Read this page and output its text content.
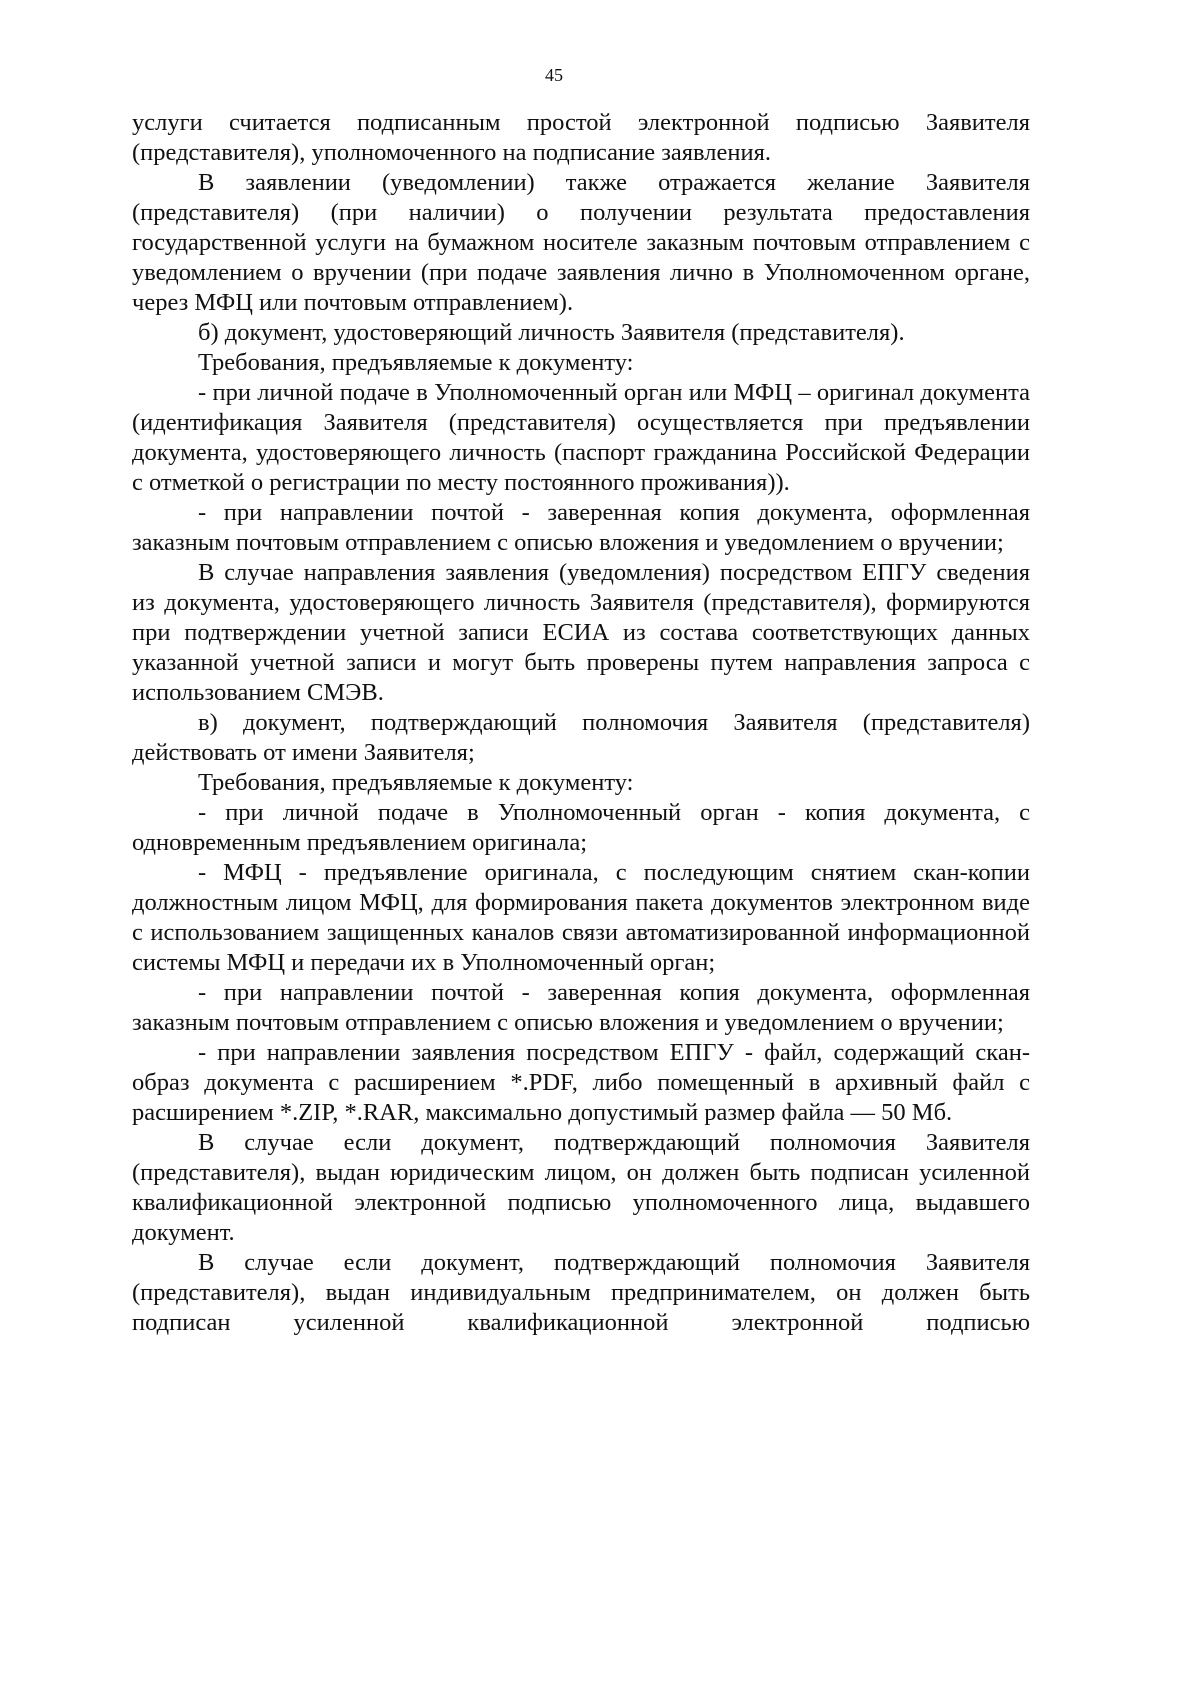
45

услуги считается подписанным простой электронной подписью Заявителя (представителя), уполномоченного на подписание заявления.

В заявлении (уведомлении) также отражается желание Заявителя (представителя) (при наличии) о получении результата предоставления государственной услуги на бумажном носителе заказным почтовым отправлением с уведомлением о вручении (при подаче заявления лично в Уполномоченном органе, через МФЦ или почтовым отправлением).

б) документ, удостоверяющий личность Заявителя (представителя).

Требования, предъявляемые к документу:

- при личной подаче в Уполномоченный орган или МФЦ – оригинал документа (идентификация Заявителя (представителя) осуществляется при предъявлении документа, удостоверяющего личность (паспорт гражданина Российской Федерации с отметкой о регистрации по месту постоянного проживания)).

- при направлении почтой - заверенная копия документа, оформленная заказным почтовым отправлением с описью вложения и уведомлением о вручении;

В случае направления заявления (уведомления) посредством ЕПГУ сведения из документа, удостоверяющего личность Заявителя (представителя), формируются при подтверждении учетной записи ЕСИА из состава соответствующих данных указанной учетной записи и могут быть проверены путем направления запроса с использованием СМЭВ.

в) документ, подтверждающий полномочия Заявителя (представителя) действовать от имени Заявителя;

Требования, предъявляемые к документу:

- при личной подаче в Уполномоченный орган - копия документа, с одновременным предъявлением оригинала;

- МФЦ - предъявление оригинала, с последующим снятием скан-копии должностным лицом МФЦ, для формирования пакета документов электронном виде с использованием защищенных каналов связи автоматизированной информационной системы МФЦ и передачи их в Уполномоченный орган;

- при направлении почтой - заверенная копия документа, оформленная заказным почтовым отправлением с описью вложения и уведомлением о вручении;

- при направлении заявления посредством ЕПГУ - файл, содержащий скан-образ документа с расширением *.PDF, либо помещенный в архивный файл с расширением *.ZIP, *.RAR, максимально допустимый размер файла — 50 Мб.

В случае если документ, подтверждающий полномочия Заявителя (представителя), выдан юридическим лицом, он должен быть подписан усиленной квалификационной электронной подписью уполномоченного лица, выдавшего документ.

В случае если документ, подтверждающий полномочия Заявителя (представителя), выдан индивидуальным предпринимателем, он должен быть подписан усиленной квалификационной электронной подписью
